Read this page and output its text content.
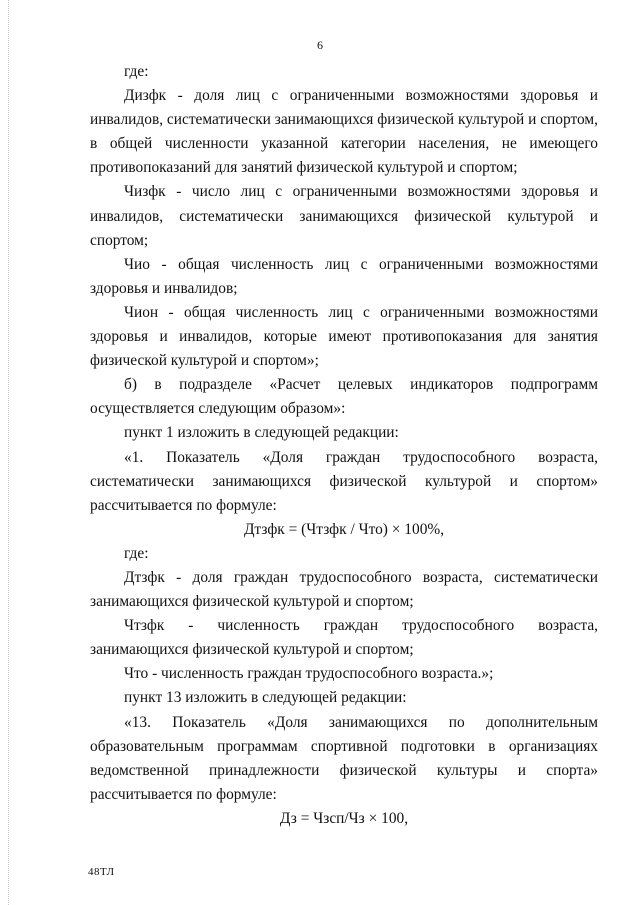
6

где:

Дизфк - доля лиц с ограниченными возможностями здоровья и инвалидов, систематически занимающихся физической культурой и спортом, в общей численности указанной категории населения, не имеющего противопоказаний для занятий физической культурой и спортом;

Чизфк - число лиц с ограниченными возможностями здоровья и инвалидов, систематически занимающихся физической культурой и спортом;

Чио - общая численность лиц с ограниченными возможностями здоровья и инвалидов;

Чион - общая численность лиц с ограниченными возможностями здоровья и инвалидов, которые имеют противопоказания для занятия физической культурой и спортом»;

б) в подразделе «Расчет целевых индикаторов подпрограмм осуществляется следующим образом»:

пункт 1 изложить в следующей редакции:

«1. Показатель «Доля граждан трудоспособного возраста, систематически занимающихся физической культурой и спортом» рассчитывается по формуле:

Дтзфк = (Чтзфк / Что) × 100%,

где:

Дтзфк - доля граждан трудоспособного возраста, систематически занимающихся физической культурой и спортом;

Чтзфк - численность граждан трудоспособного возраста, занимающихся физической культурой и спортом;

Что - численность граждан трудоспособного возраста.»;

пункт 13 изложить в следующей редакции:

«13. Показатель «Доля занимающихся по дополнительным образовательным программам спортивной подготовки в организациях ведомственной принадлежности физической культуры и спорта» рассчитывается по формуле:

Дз = Чзсп/Чз × 100,

48ТЛ
